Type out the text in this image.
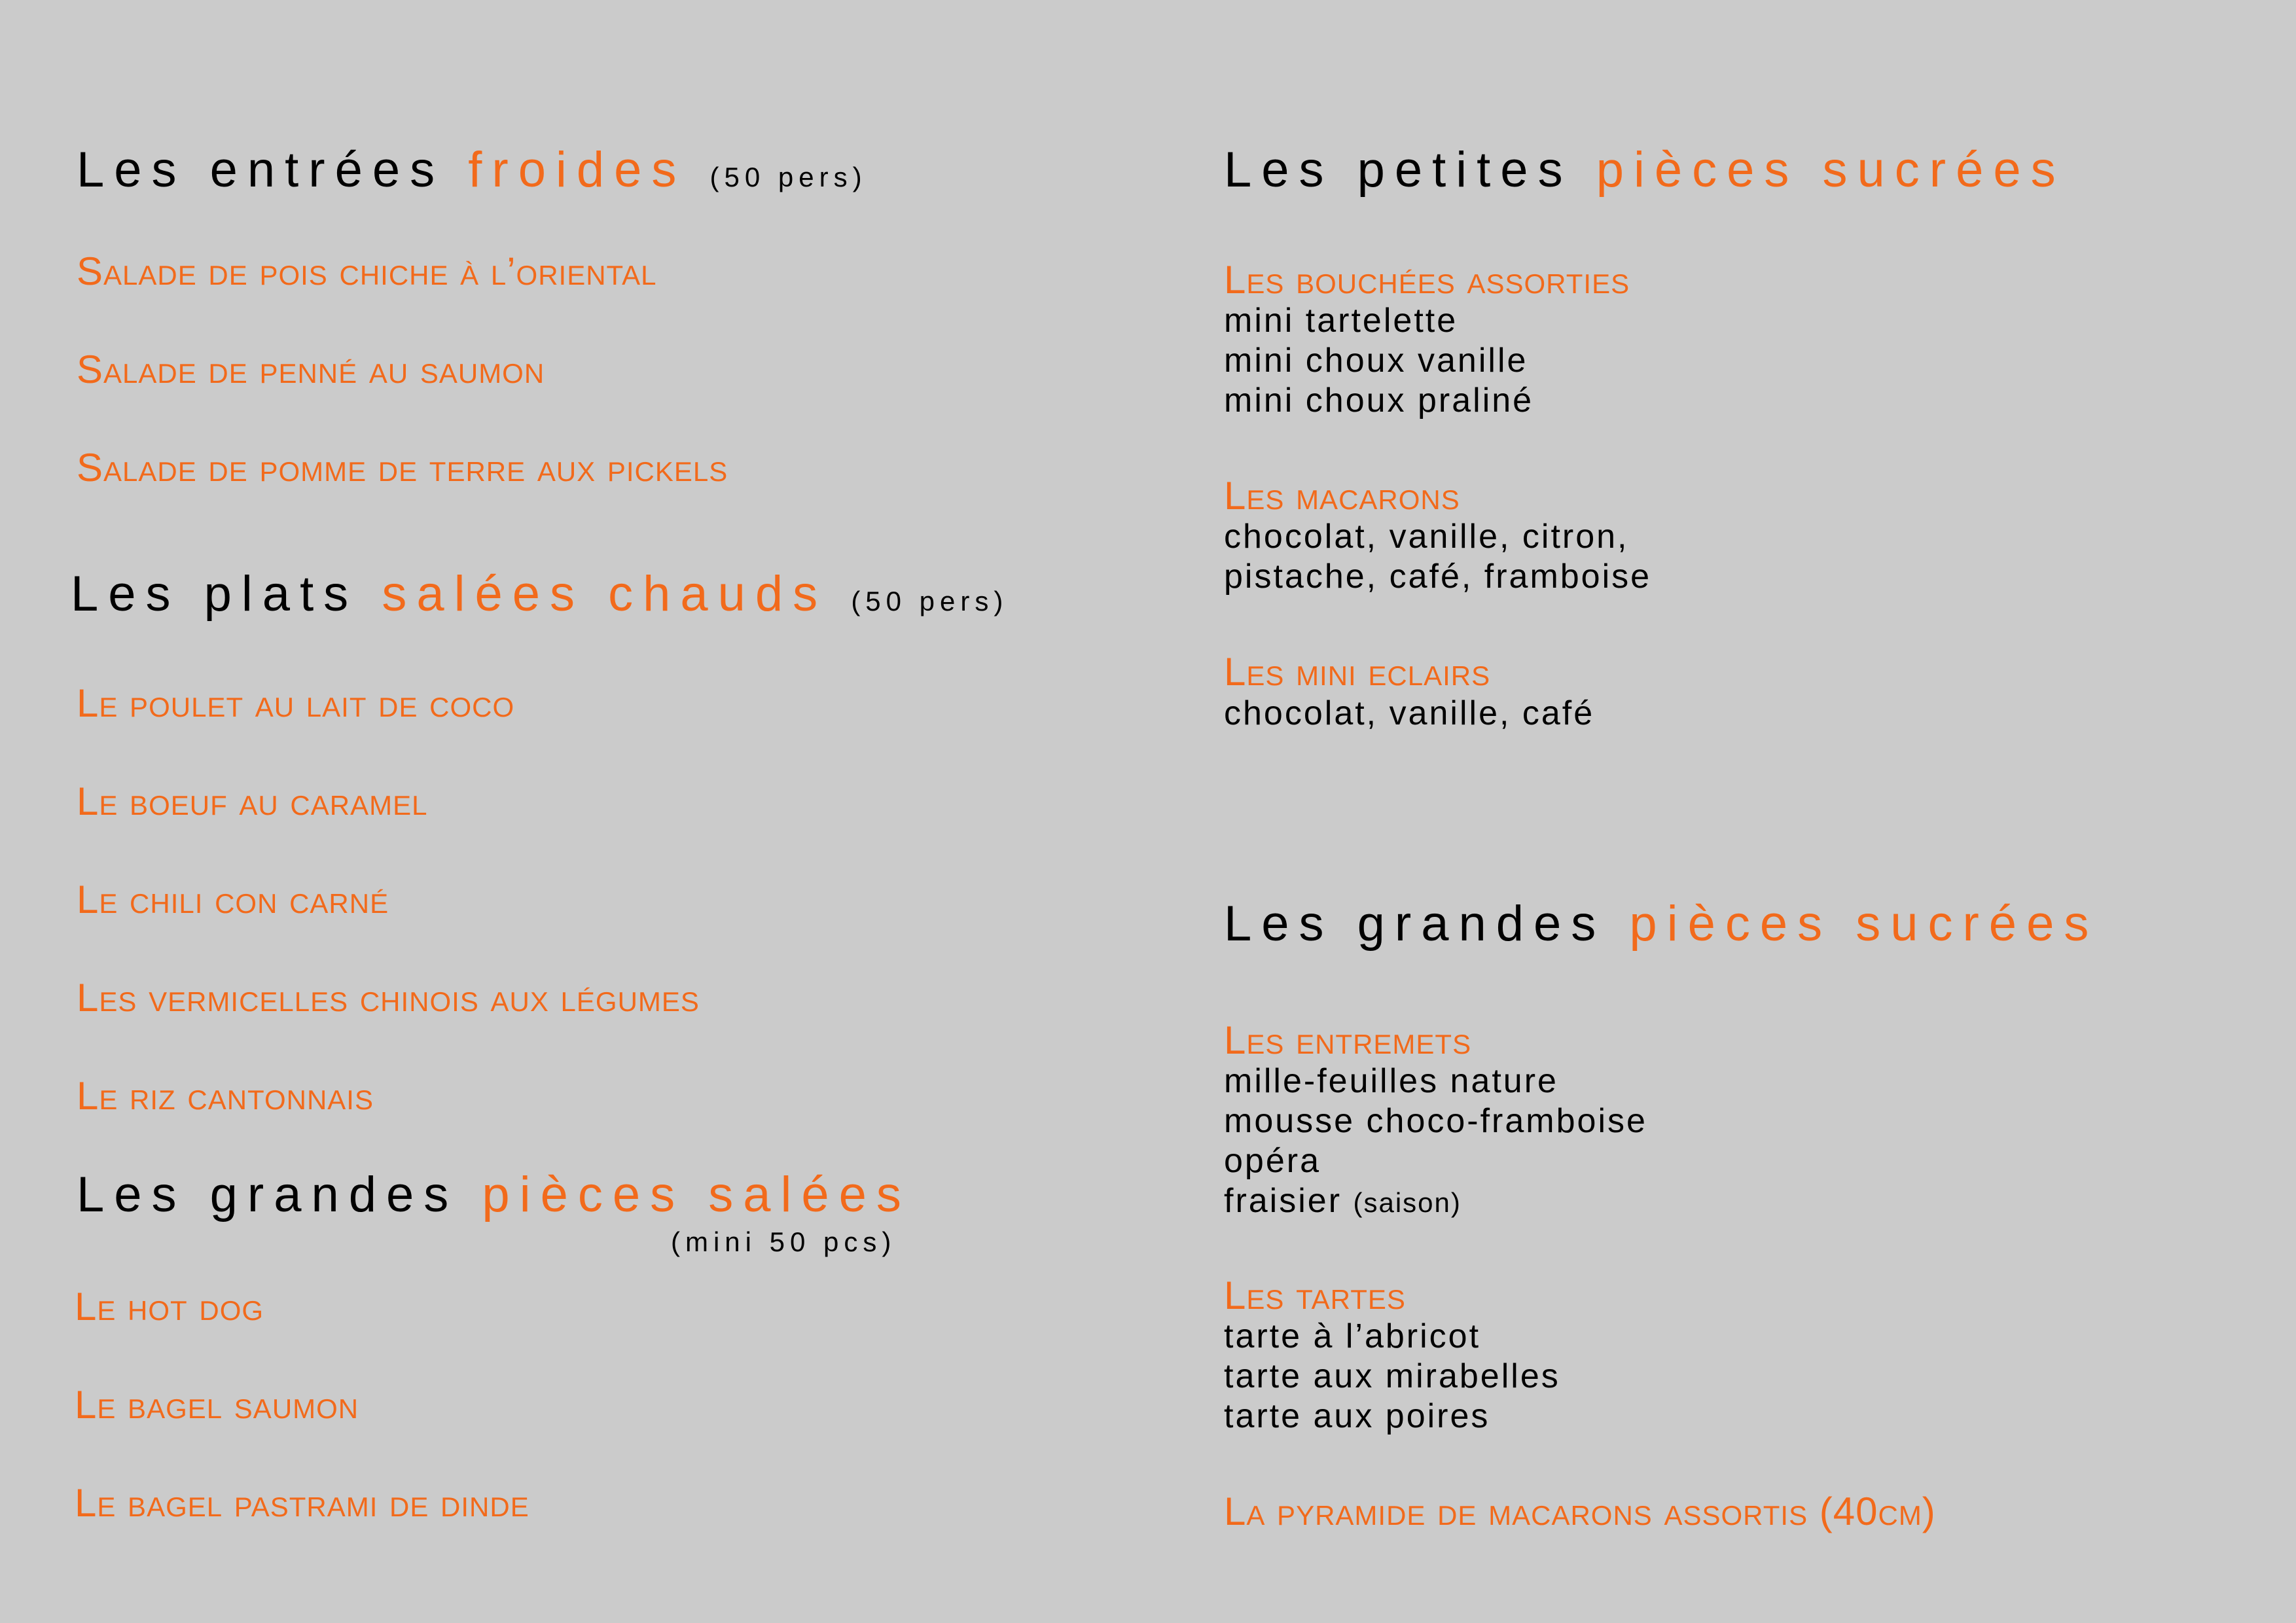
Les entrées froides (50 pers)
Salade de pois chiche à l’oriental
Salade de penné au saumon
Salade de pomme de terre aux pickels
Les plats salées chauds (50 pers)
Le poulet au lait de coco
Le boeuf au caramel
Le chili con carné
Les vermicelles chinois aux légumes
Le riz cantonnais
Les grandes pièces salées
(mini 50 pcs)
Le hot dog
Le bagel saumon
Le bagel pastrami de dinde
Les petites pièces sucrées
Les bouchées assorties
mini tartelette
mini choux vanille
mini choux praliné
Les macarons
chocolat, vanille, citron,
pistache, café, framboise
Les mini eclairs
chocolat, vanille, café
Les grandes pièces sucrées
Les entremets
mille-feuilles nature
mousse choco-framboise
opéra
fraisier (saison)
Les tartes
tarte à l’abricot
tarte aux mirabelles
tarte aux poires
La pyramide de macarons assortis (40cm)
